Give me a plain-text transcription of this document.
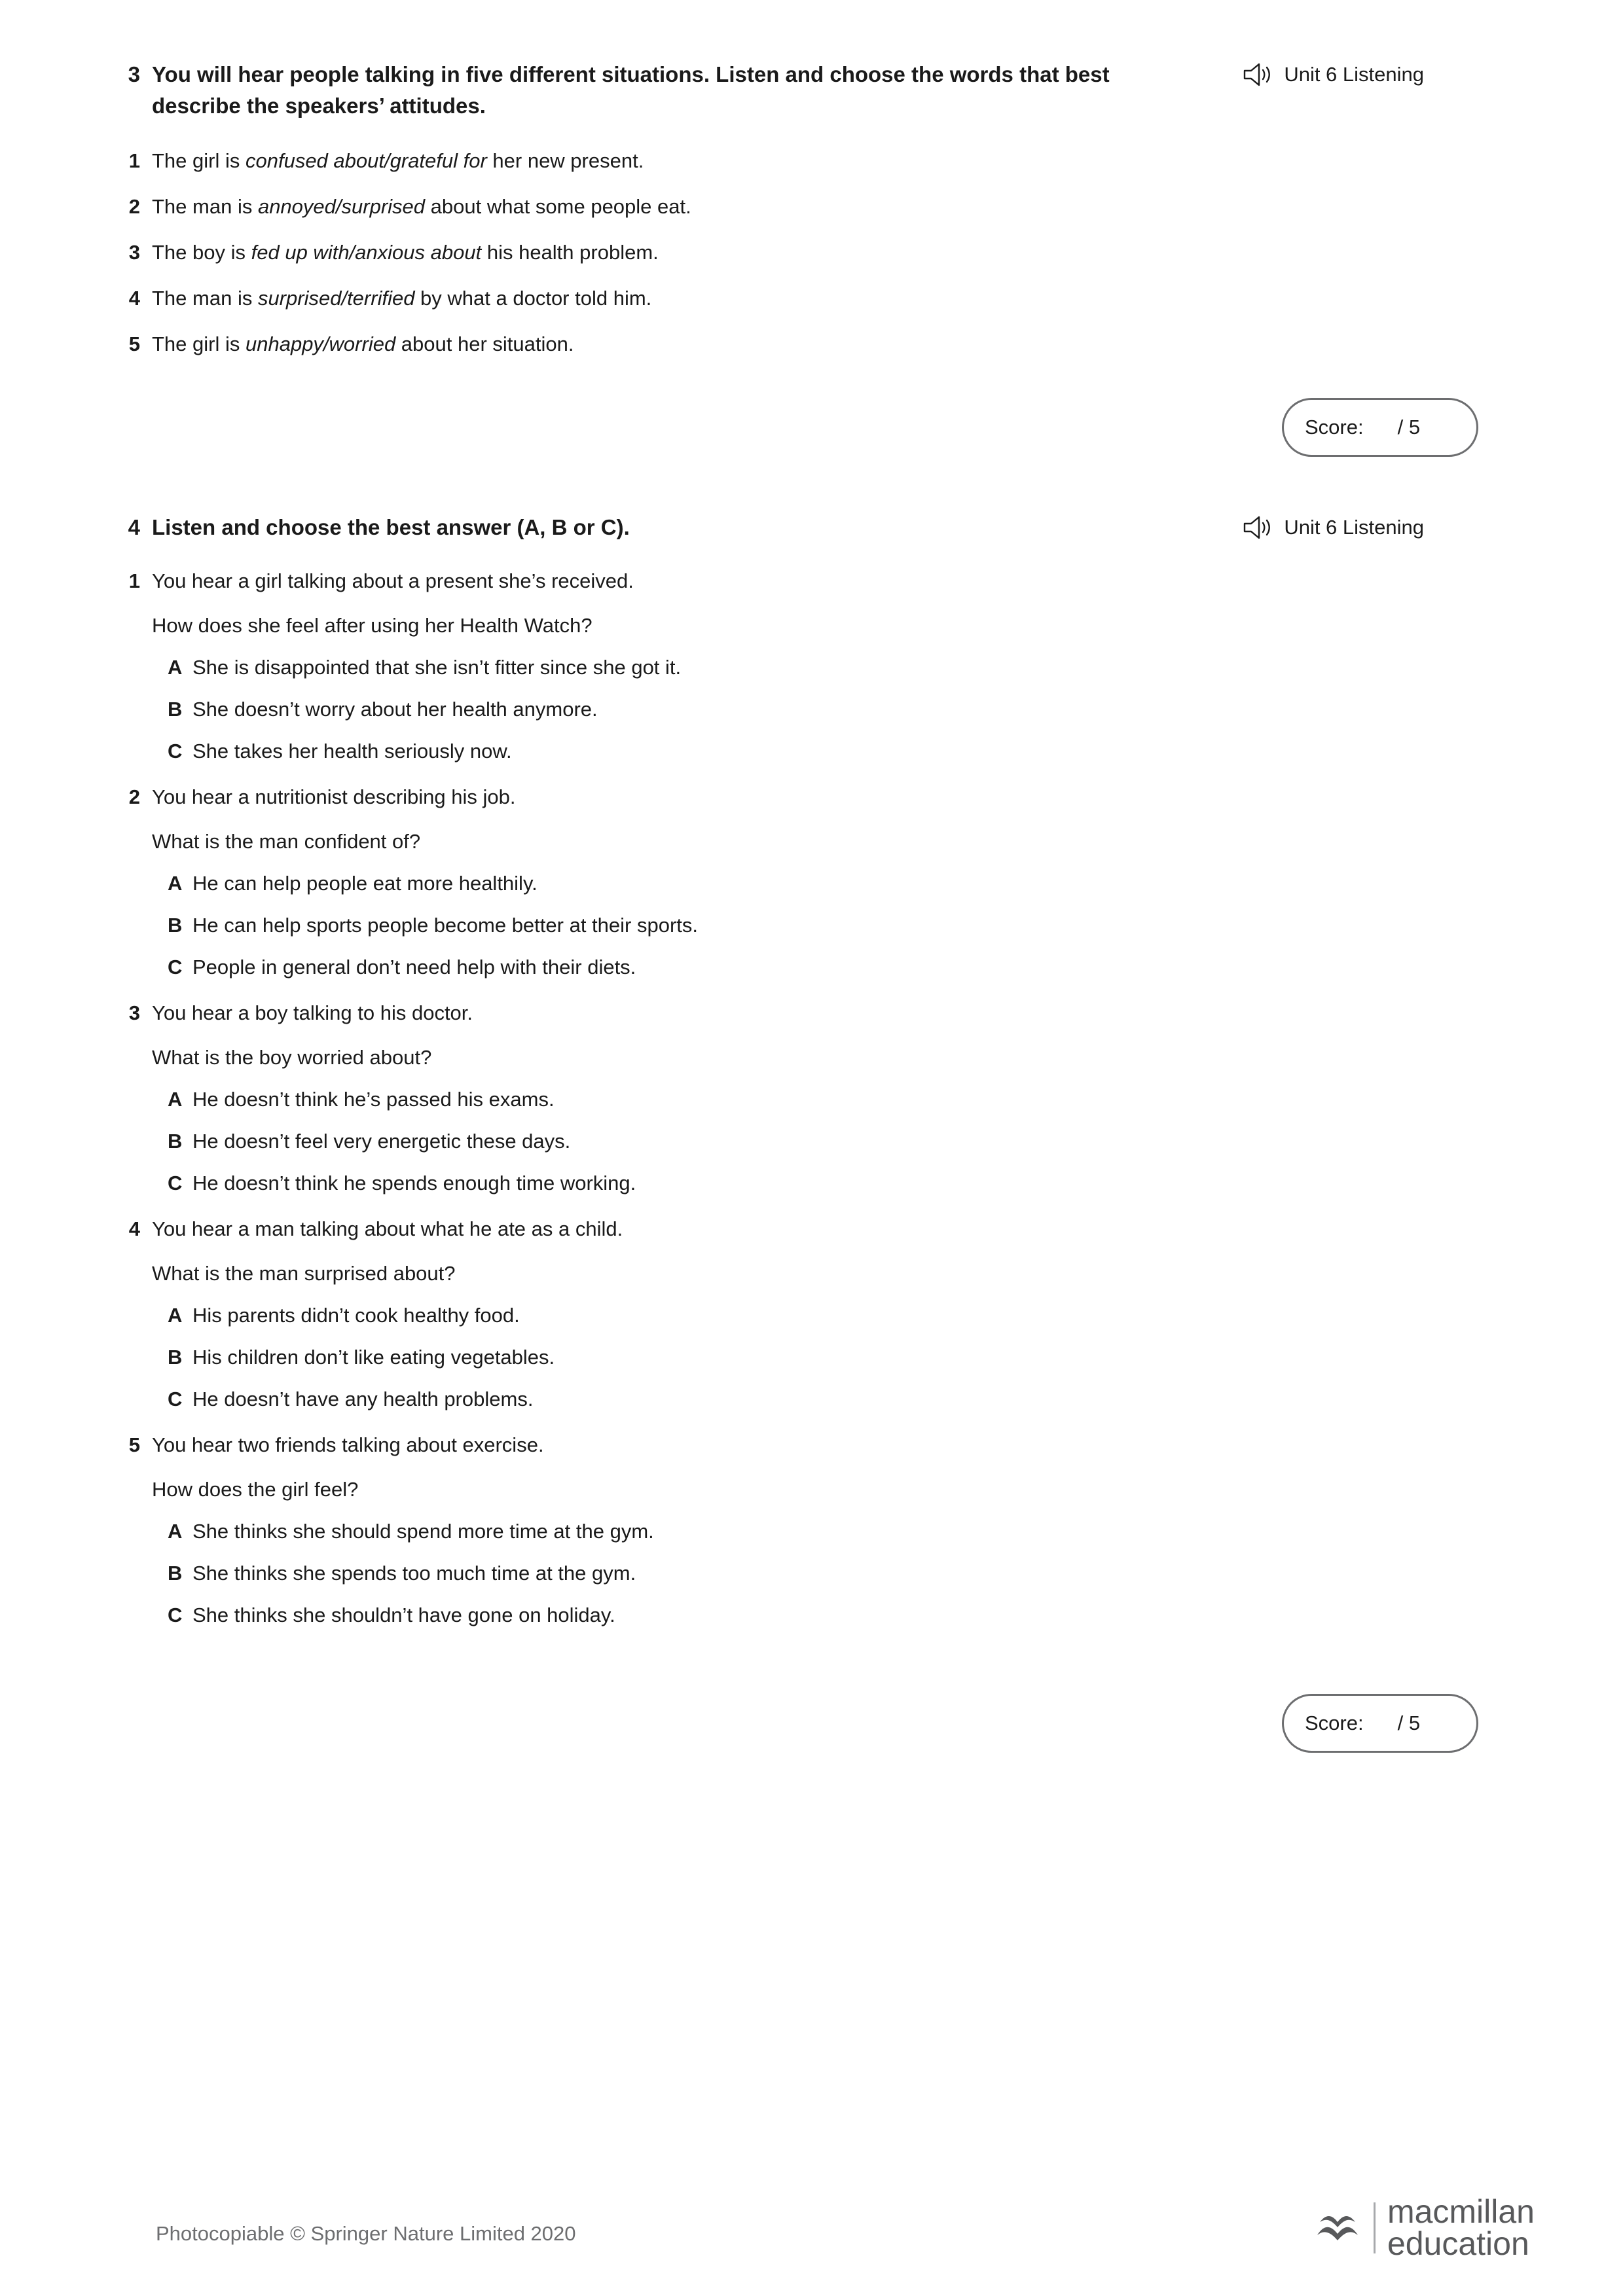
3 You will hear people talking in five different situations. Listen and choose the words that best describe the speakers’ attitudes.
Unit 6 Listening
1 The girl is confused about/grateful for her new present.
2 The man is annoyed/surprised about what some people eat.
3 The boy is fed up with/anxious about his health problem.
4 The man is surprised/terrified by what a doctor told him.
5 The girl is unhappy/worried about her situation.
Score:	/ 5
4 Listen and choose the best answer (A, B or C).	Unit 6 Listening
1 You hear a girl talking about a present she’s received.
How does she feel after using her Health Watch?
A She is disappointed that she isn’t fitter since she got it.
B She doesn’t worry about her health anymore.
C She takes her health seriously now.
2 You hear a nutritionist describing his job.
What is the man confident of?
A He can help people eat more healthily.
B He can help sports people become better at their sports.
C People in general don’t need help with their diets.
3 You hear a boy talking to his doctor.
What is the boy worried about?
A He doesn’t think he’s passed his exams.
B He doesn’t feel very energetic these days.
C He doesn’t think he spends enough time working.
4 You hear a man talking about what he ate as a child.
What is the man surprised about?
A His parents didn’t cook healthy food.
B His children don’t like eating vegetables.
C He doesn’t have any health problems.
5 You hear two friends talking about exercise.
How does the girl feel?
A She thinks she should spend more time at the gym.
B She thinks she spends too much time at the gym.
C She thinks she shouldn’t have gone on holiday.
Score:	/ 5
Photocopiable © Springer Nature Limited 2020
macmillan
education
